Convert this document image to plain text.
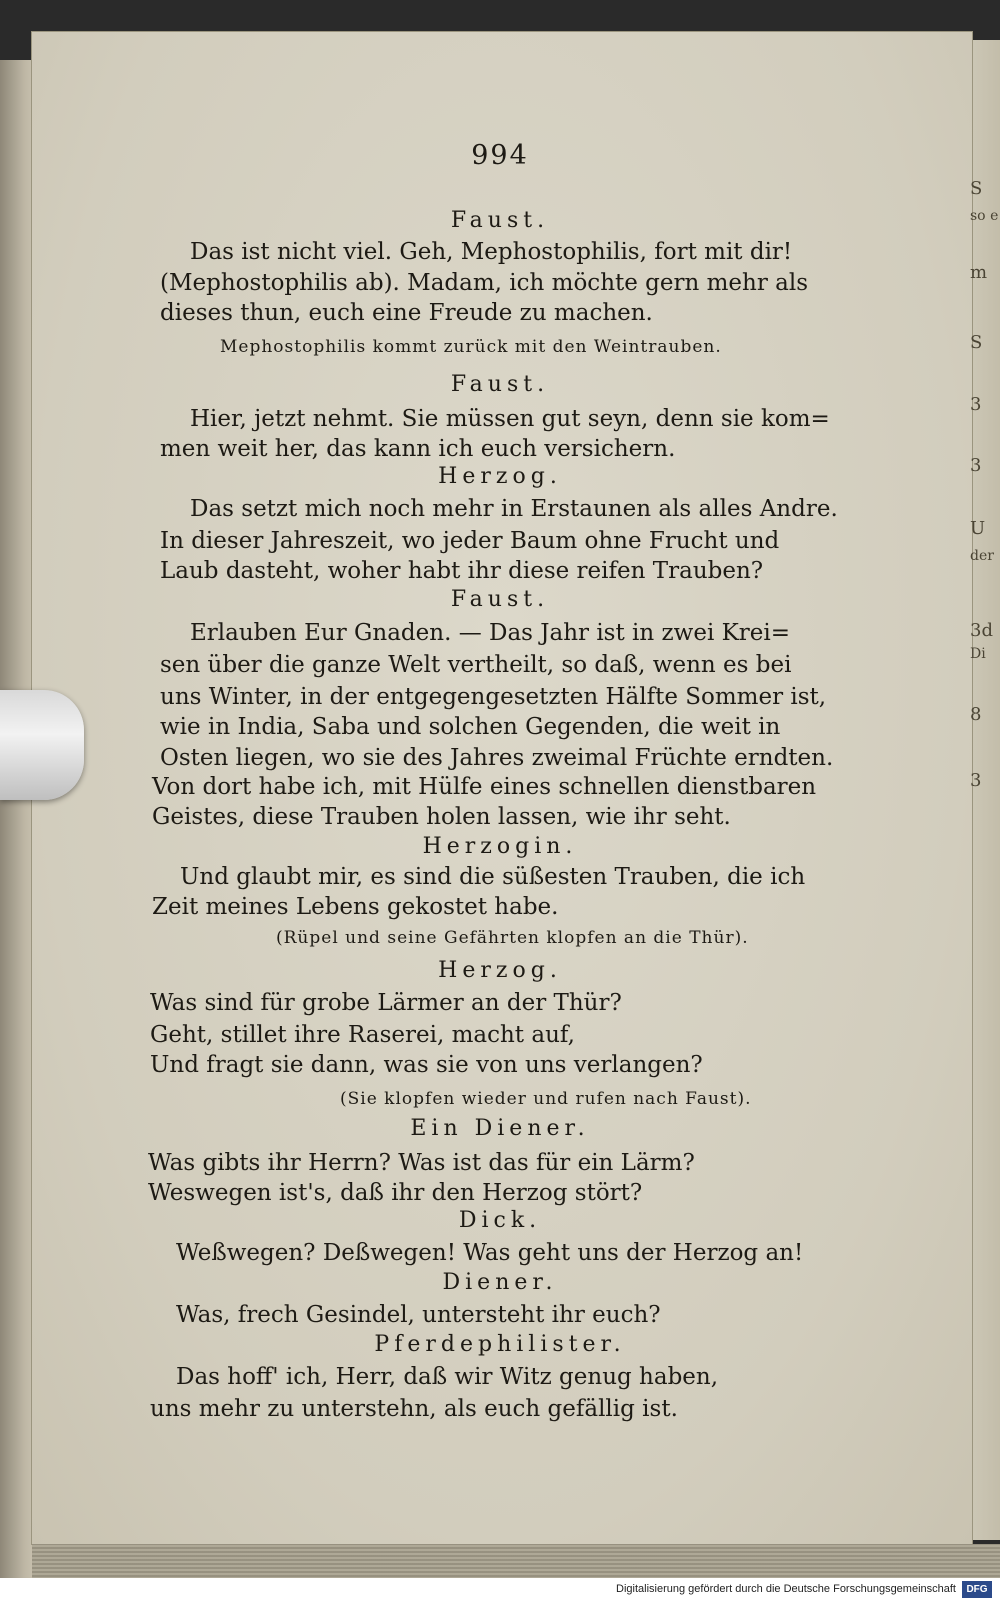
S
so e
m
S
3
3
U
der
3d
Di
8
3
994
Faust.
Das ist nicht viel. Geh, Mephostophilis, fort mit dir!
(Mephostophilis ab). Madam, ich möchte gern mehr als
dieses thun, euch eine Freude zu machen.
Mephostophilis kommt zurück mit den Weintrauben.
Faust.
Hier, jetzt nehmt. Sie müssen gut seyn, denn sie kom=
men weit her, das kann ich euch versichern.
Herzog.
Das setzt mich noch mehr in Erstaunen als alles Andre.
In dieser Jahreszeit, wo jeder Baum ohne Frucht und
Laub dasteht, woher habt ihr diese reifen Trauben?
Faust.
Erlauben Eur Gnaden. — Das Jahr ist in zwei Krei=
sen über die ganze Welt vertheilt, so daß, wenn es bei
uns Winter, in der entgegengesetzten Hälfte Sommer ist,
wie in India, Saba und solchen Gegenden, die weit in
Osten liegen, wo sie des Jahres zweimal Früchte erndten.
Von dort habe ich, mit Hülfe eines schnellen dienstbaren
Geistes, diese Trauben holen lassen, wie ihr seht.
Herzogin.
Und glaubt mir, es sind die süßesten Trauben, die ich
Zeit meines Lebens gekostet habe.
(Rüpel und seine Gefährten klopfen an die Thür).
Herzog.
Was sind für grobe Lärmer an der Thür?
Geht, stillet ihre Raserei, macht auf,
Und fragt sie dann, was sie von uns verlangen?
(Sie klopfen wieder und rufen nach Faust).
Ein Diener.
Was gibts ihr Herrn? Was ist das für ein Lärm?
Weswegen ist's, daß ihr den Herzog stört?
Dick.
Weßwegen? Deßwegen! Was geht uns der Herzog an!
Diener.
Was, frech Gesindel, untersteht ihr euch?
Pferdephilister.
Das hoff' ich, Herr, daß wir Witz genug haben,
uns mehr zu unterstehn, als euch gefällig ist.
Digitalisierung gefördert durch die Deutsche Forschungsgemeinschaft	DFG
